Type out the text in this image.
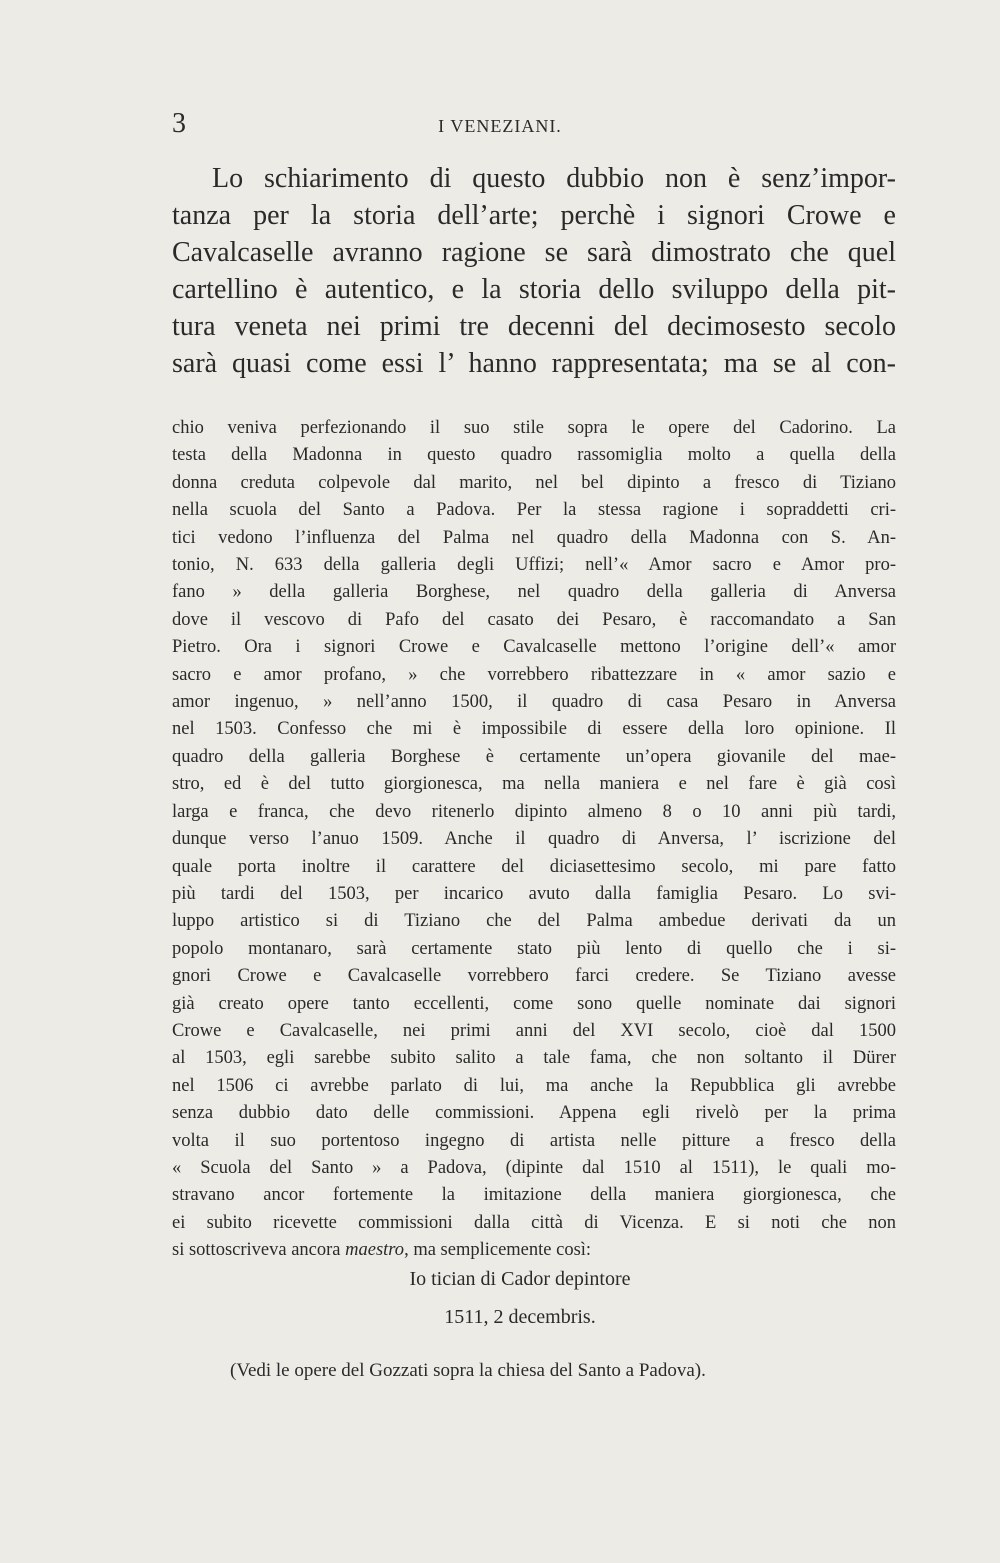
3	I VENEZIANI.
Lo schiarimento di questo dubbio non è senz’impor-
tanza per la storia dell’arte; perchè i signori Crowe e
Cavalcaselle avranno ragione se sarà dimostrato che quel
cartellino è autentico, e la storia dello sviluppo della pit-
tura veneta nei primi tre decenni del decimosesto secolo
sarà quasi come essi l’ hanno rappresentata; ma se al con-
chio veniva perfezionando il suo stile sopra le opere del Cadorino. La
testa della Madonna in questo quadro rassomiglia molto a quella della
donna creduta colpevole dal marito, nel bel dipinto a fresco di Tiziano
nella scuola del Santo a Padova. Per la stessa ragione i sopraddetti cri-
tici vedono l’influenza del Palma nel quadro della Madonna con S. An-
tonio, N. 633 della galleria degli Uffizi; nell’« Amor sacro e Amor pro-
fano » della galleria Borghese, nel quadro della galleria di Anversa
dove il vescovo di Pafo del casato dei Pesaro, è raccomandato a San
Pietro. Ora i signori Crowe e Cavalcaselle mettono l’origine dell’« amor
sacro e amor profano, » che vorrebbero ribattezzare in « amor sazio e
amor ingenuo, » nell’anno 1500, il quadro di casa Pesaro in Anversa
nel 1503. Confesso che mi è impossibile di essere della loro opinione. Il
quadro della galleria Borghese è certamente un’opera giovanile del mae-
stro, ed è del tutto giorgionesca, ma nella maniera e nel fare è già così
larga e franca, che devo ritenerlo dipinto almeno 8 o 10 anni più tardi,
dunque verso l’anuo 1509. Anche il quadro di Anversa, l’ iscrizione del
quale porta inoltre il carattere del diciasettesimo secolo, mi pare fatto
più tardi del 1503, per incarico avuto dalla famiglia Pesaro. Lo svi-
luppo artistico si di Tiziano che del Palma ambedue derivati da un
popolo montanaro, sarà certamente stato più lento di quello che i si-
gnori Crowe e Cavalcaselle vorrebbero farci credere. Se Tiziano avesse
già creato opere tanto eccellenti, come sono quelle nominate dai signori
Crowe e Cavalcaselle, nei primi anni del XVI secolo, cioè dal 1500
al 1503, egli sarebbe subito salito a tale fama, che non soltanto il Dürer
nel 1506 ci avrebbe parlato di lui, ma anche la Repubblica gli avrebbe
senza dubbio dato delle commissioni. Appena egli rivelò per la prima
volta il suo portentoso ingegno di artista nelle pitture a fresco della
« Scuola del Santo » a Padova, (dipinte dal 1510 al 1511), le quali mo-
stravano ancor fortemente la imitazione della maniera giorgionesca, che
ei subito ricevette commissioni dalla città di Vicenza. E si noti che non
si sottoscriveva ancora maestro, ma semplicemente così:
Io tician di Cador depintore
1511, 2 decembris.
(Vedi le opere del Gozzati sopra la chiesa del Santo a Padova).
